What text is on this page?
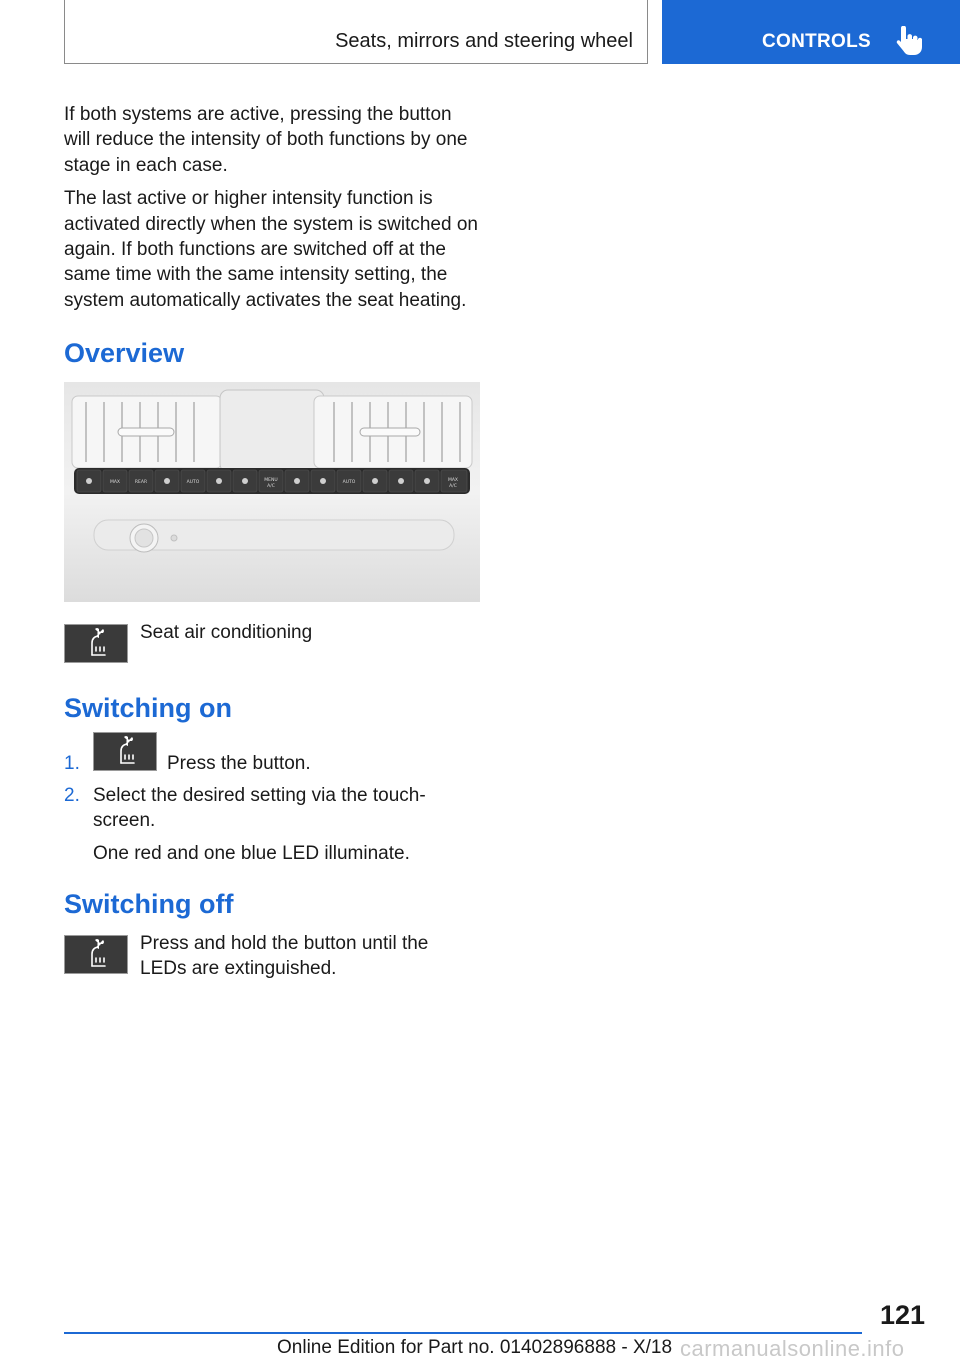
Seats, mirrors and steering wheel	CONTROLS

If both systems are active, pressing the button will reduce the intensity of both functions by one stage in each case.

The last active or higher intensity function is activated directly when the system is switched on again. If both functions are switched off at the same time with the same intensity setting, the system automatically activates the seat heating.

Overview
MAX	REAR	AUTO	MENU
A/C
AUTO	MAX
A/C
Seat air conditioning
Switching on
1.	Press the button.
2. Select the desired setting via the touch-screen.
One red and one blue LED illuminate.
Switching off
Press and hold the button until the LEDs are extinguished.
121
Online Edition for Part no. 01402896888 - X/18 carmanualsonline.info
